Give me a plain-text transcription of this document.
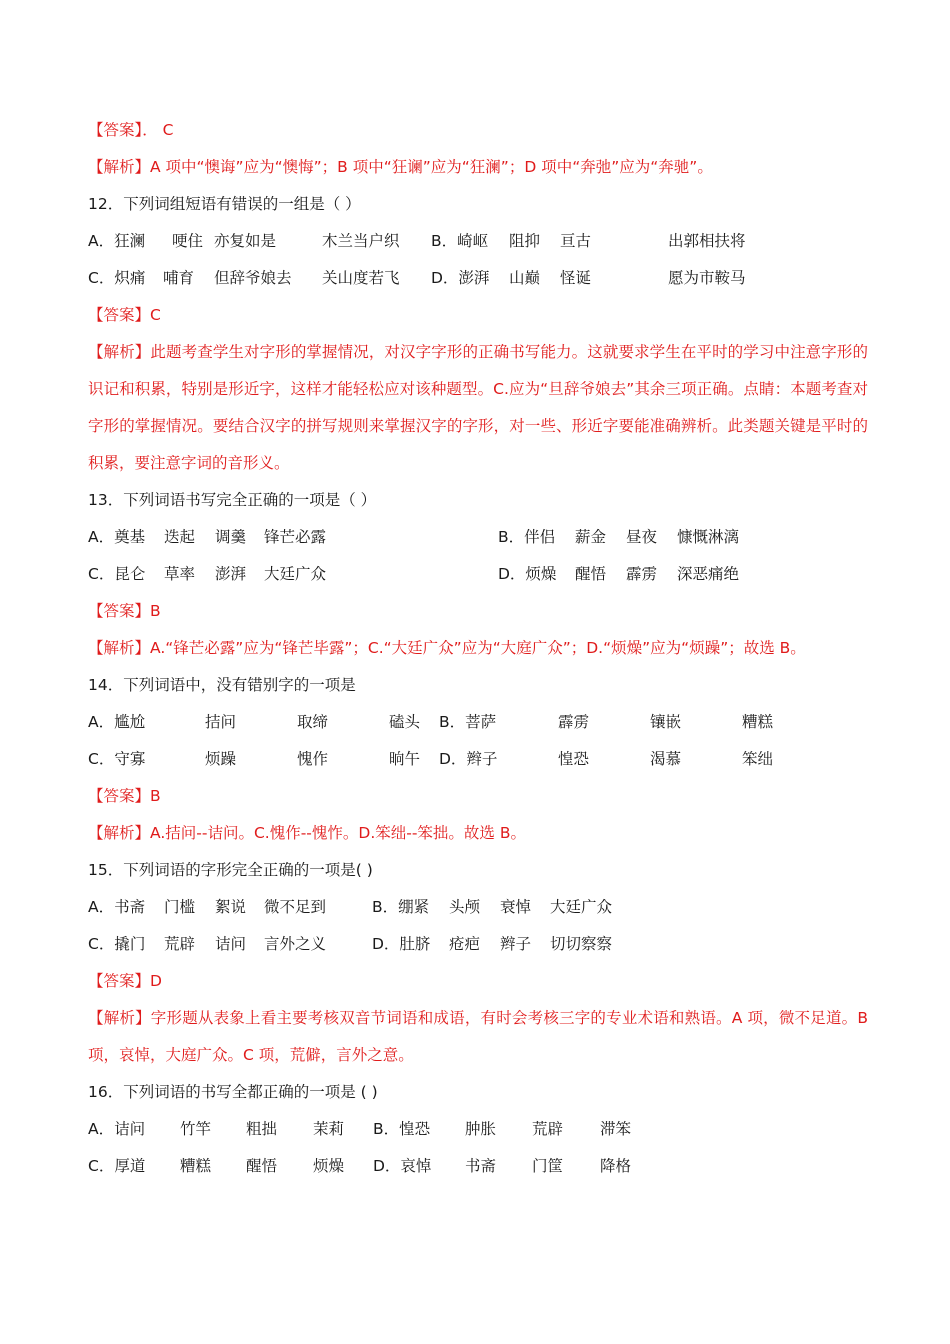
【答案】． C
【解析】A 项中“懊诲”应为“懊悔”；B 项中“狂谰”应为“狂澜”；D 项中“奔弛”应为“奔驰”。
12．下列词组短语有错误的一组是（ ）
A．狂澜 哽住 亦复如是	木兰当户织 B．崎岖 阻抑 亘古	出郭相扶将
C．炽痛 哺育 但辞爷娘去 关山度若飞 D．澎湃 山巅 怪诞	愿为市鞍马
【答案】C
【解析】此题考查学生对字形的掌握情况，对汉字字形的正确书写能力。这就要求学生在平时的学习中注意字形的识记和积累，特别是形近字，这样才能轻松应对该种题型。C.应为“旦辞爷娘去”其余三项正确。点睛：本题考查对字形的掌握情况。要结合汉字的拼写规则来掌握汉字的字形，对一些、形近字要能准确辨析。此类题关键是平时的积累，要注意字词的音形义。
13．下列词语书写完全正确的一项是（ ）
A．奠基 迭起 调羹 锋芒必露	B．伴侣 薪金 昼夜 慷慨淋漓
C．昆仑 草率 澎湃 大廷广众	D．烦燥 醒悟 霹雳 深恶痛绝
【答案】B
【解析】A.“锋芒必露”应为“锋芒毕露”；C.“大廷广众”应为“大庭广众”；D.“烦燥”应为“烦躁”；故选 B。
14．下列词语中，没有错别字的一项是
A．尴尬	拮问	取缔	磕头 B．菩萨	霹雳	镶嵌	糟糕
C．守寡	烦躁	愧作	晌午 D．辫子	惶恐	渴慕	笨绌
【答案】B
【解析】A.拮问--诘问。C.愧作--愧怍。D.笨绌--笨拙。故选 B。
15．下列词语的字形完全正确的一项是( )
A．书斋 门槛 絮说 微不足到	B．绷紧 头颅 衰悼 大廷广众
C．撬门 荒辟 诘问 言外之义	D．肚脐 疮疤 辫子 切切察察
【答案】D
【解析】字形题从表象上看主要考核双音节词语和成语，有时会考核三字的专业术语和熟语。A 项，微不足道。B 项，哀悼，大庭广众。C 项，荒僻，言外之意。
16．下列词语的书写全都正确的一项是 ( )
A．诘问 竹竿 粗拙 茉莉 B．惶恐 肿胀 荒辟 滞笨
C．厚道 糟糕 醒悟 烦燥 D．哀悼 书斋 门筐 降格
